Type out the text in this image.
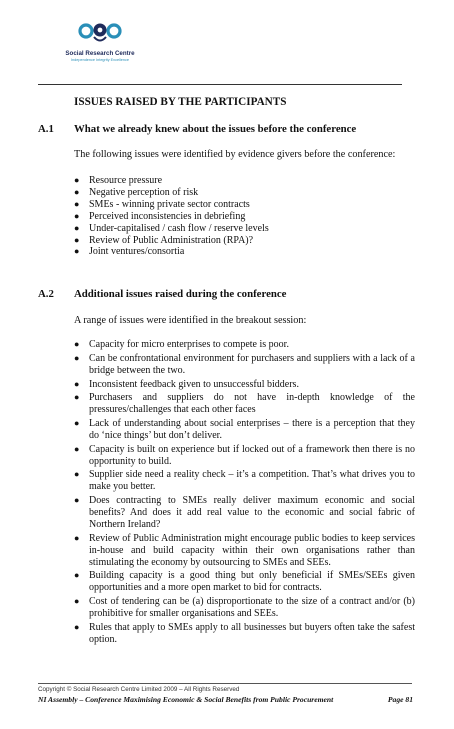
Social Research Centre
Independence Integrity Excellence
ISSUES RAISED BY THE PARTICIPANTS
A.1 What we already knew about the issues before the conference
The following issues were identified by evidence givers before the conference:
● Resource pressure
● Negative perception of risk
● SMEs - winning private sector contracts
● Perceived inconsistencies in debriefing
● Under-capitalised / cash flow / reserve levels
● Review of Public Administration (RPA)?
● Joint ventures/consortia
A.2 Additional issues raised during the conference
A range of issues were identified in the breakout session:
● Capacity for micro enterprises to compete is poor.
● Can be confrontational environment for purchasers and suppliers with a lack of a bridge between the two.
● Inconsistent feedback given to unsuccessful bidders.
● Purchasers and suppliers do not have in-depth knowledge of the pressures/challenges that each other faces
● Lack of understanding about social enterprises – there is a perception that they do ‘nice things’ but don’t deliver.
● Capacity is built on experience but if locked out of a framework then there is no opportunity to build.
● Supplier side need a reality check – it’s a competition. That’s what drives you to make you better.
● Does contracting to SMEs really deliver maximum economic and social benefits? And does it add real value to the economic and social fabric of Northern Ireland?
● Review of Public Administration might encourage public bodies to keep services in-house and build capacity within their own organisations rather than stimulating the economy by outsourcing to SMEs and SEEs.
● Building capacity is a good thing but only beneficial if SMEs/SEEs given opportunities and a more open market to bid for contracts.
● Cost of tendering can be (a) disproportionate to the size of a contract and/or (b) prohibitive for smaller organisations and SEEs.
● Rules that apply to SMEs apply to all businesses but buyers often take the safest option.
Copyright © Social Research Centre Limited 2009 – All Rights Reserved
NI Assembly – Conference Maximising Economic & Social Benefits from Public Procurement	Page 81
